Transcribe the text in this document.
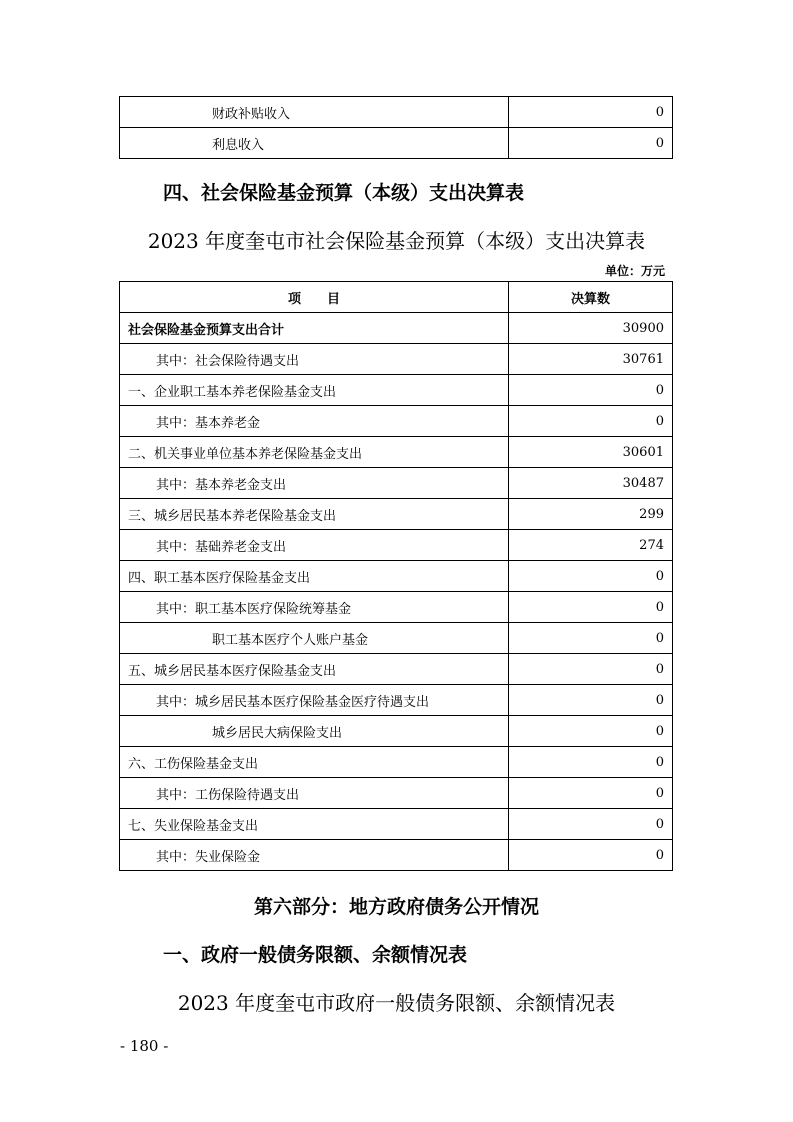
财政补贴收入	0
利息收入	0
四、社会保险基金预算（本级）支出决算表
2023 年度奎屯市社会保险基金预算（本级）支出决算表
单位：万元
项　　目	决算数
社会保险基金预算支出合计	30900
其中：社会保险待遇支出	30761
一、企业职工基本养老保险基金支出	0
其中：基本养老金	0
二、机关事业单位基本养老保险基金支出	30601
其中：基本养老金支出	30487
三、城乡居民基本养老保险基金支出	299
其中：基础养老金支出	274
四、职工基本医疗保险基金支出	0
其中：职工基本医疗保险统筹基金	0
职工基本医疗个人账户基金	0
五、城乡居民基本医疗保险基金支出	0
其中：城乡居民基本医疗保险基金医疗待遇支出	0
城乡居民大病保险支出	0
六、工伤保险基金支出	0
其中：工伤保险待遇支出	0
七、失业保险基金支出	0
其中：失业保险金	0
第六部分：地方政府债务公开情况
一、政府一般债务限额、余额情况表
2023 年度奎屯市政府一般债务限额、余额情况表
- 180 -
